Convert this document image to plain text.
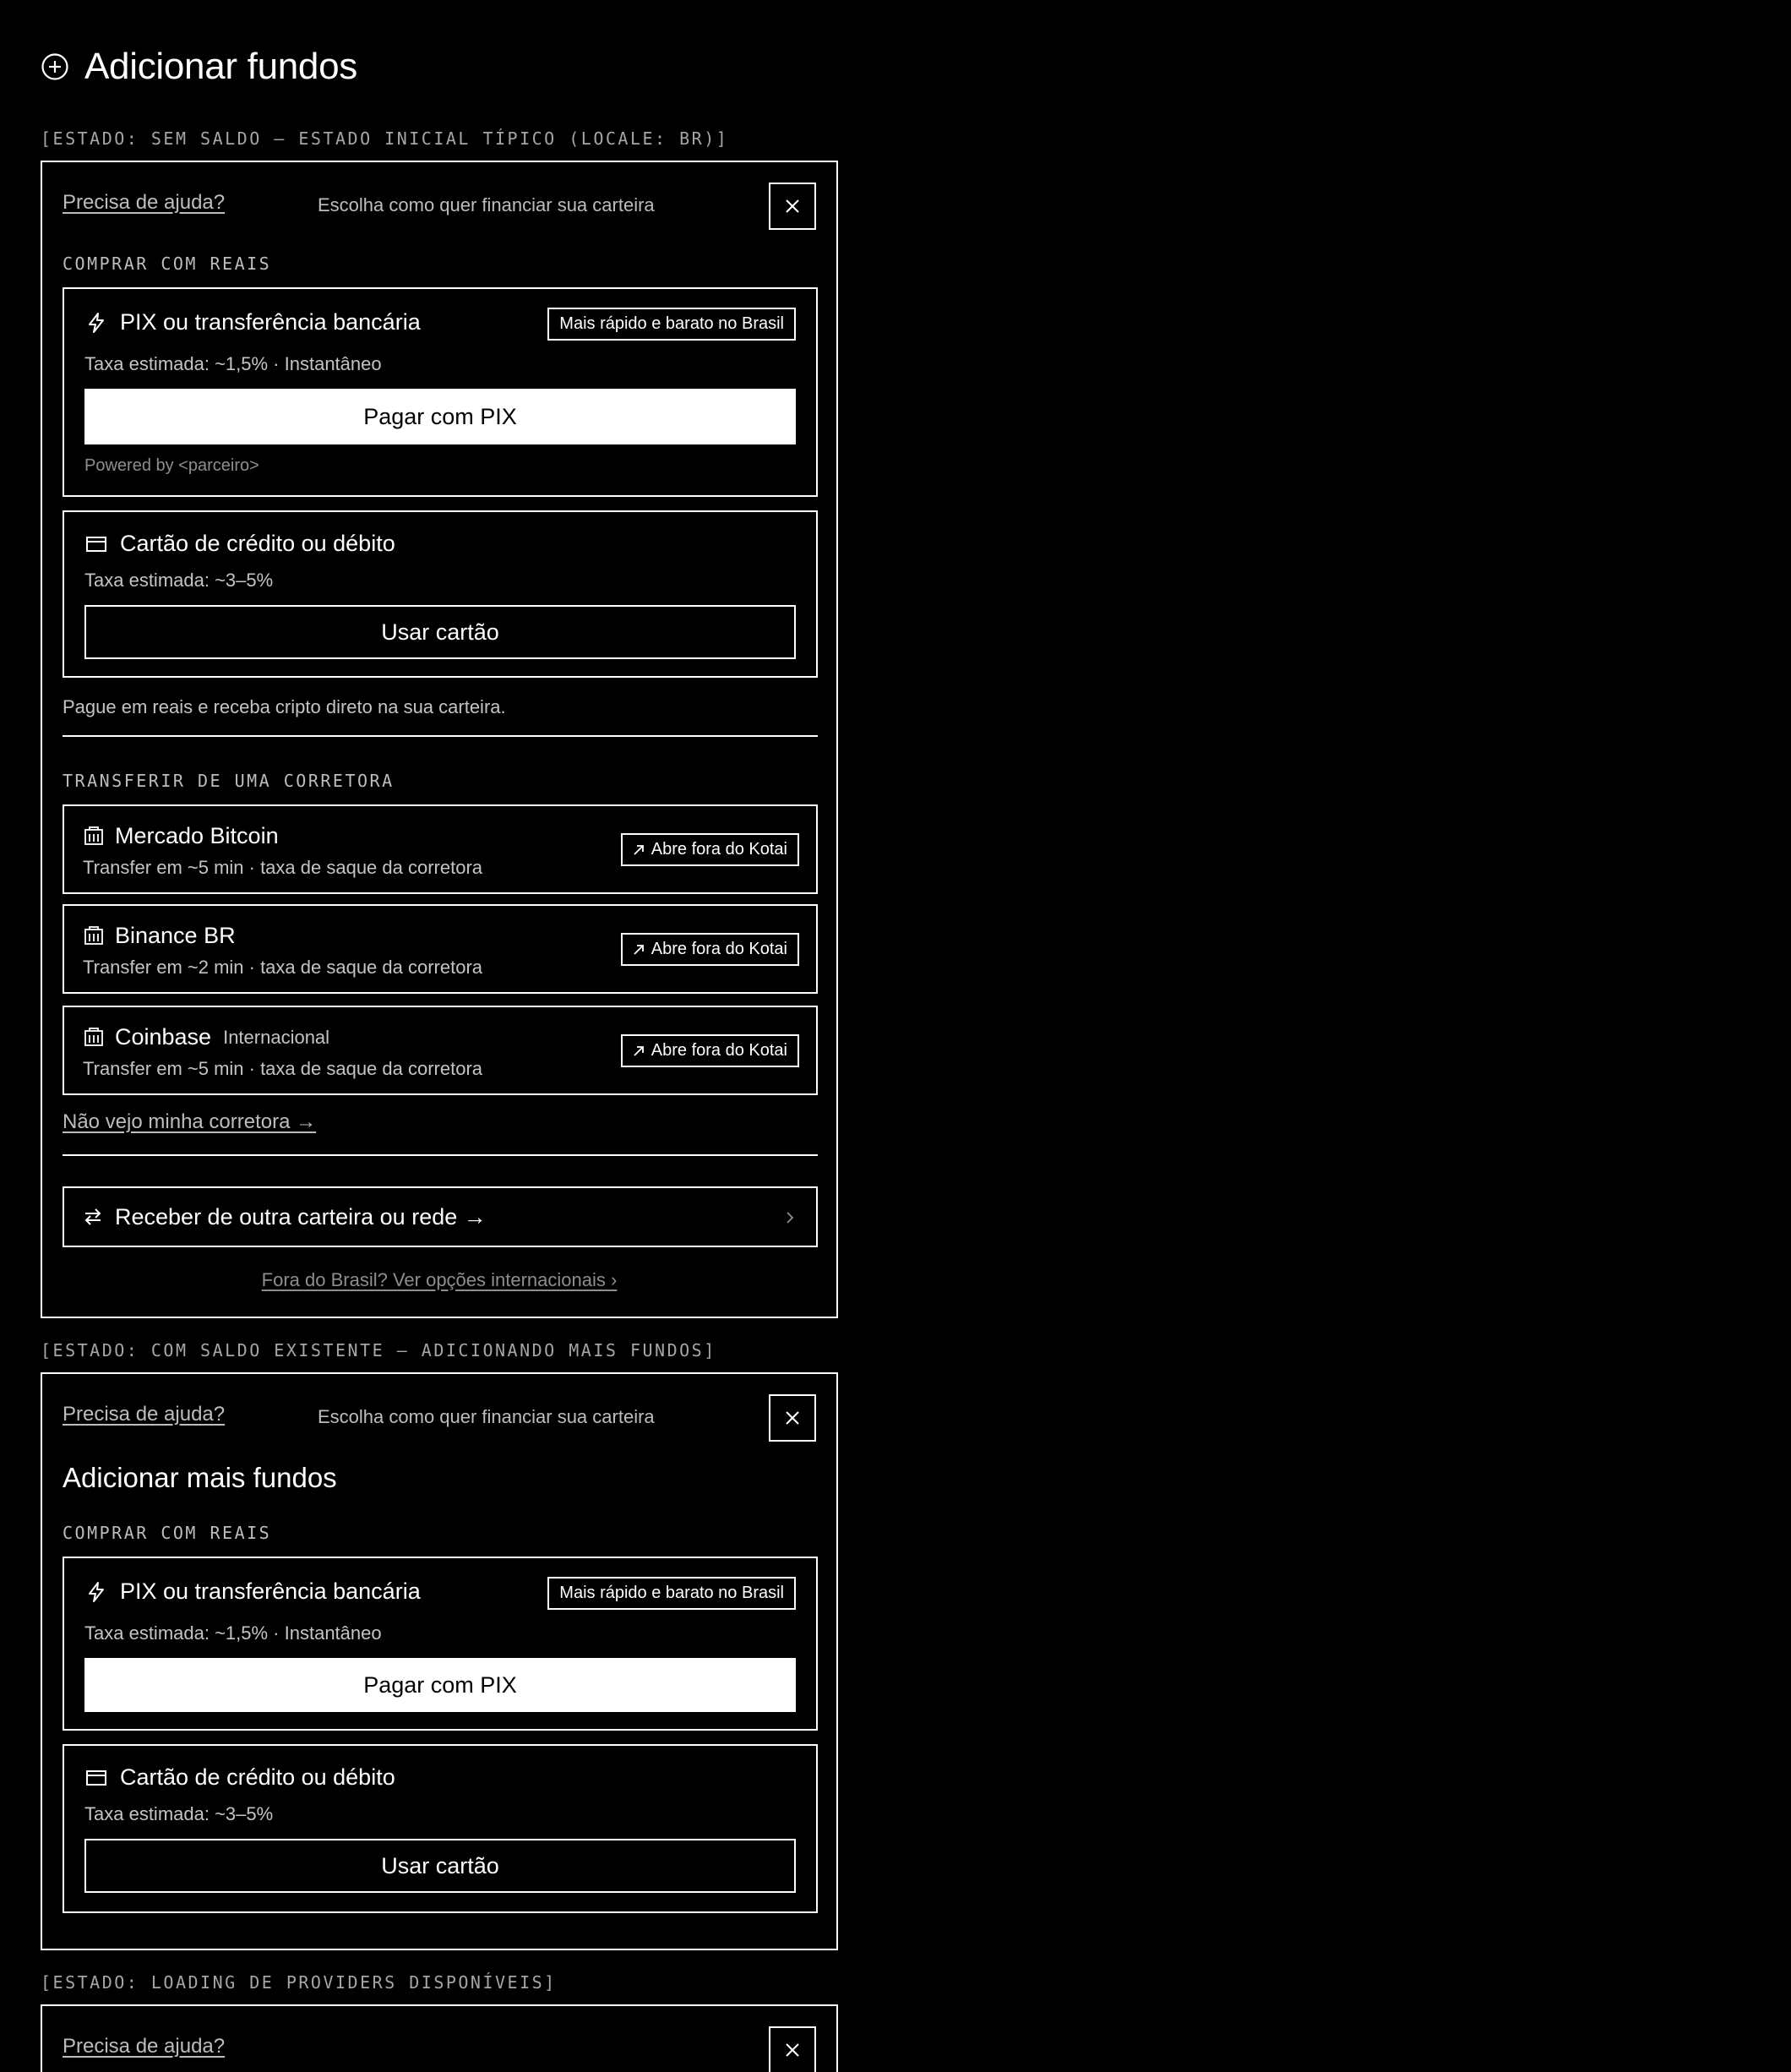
Adicionar fundos
[ESTADO: SEM SALDO — ESTADO INICIAL TÍPICO (LOCALE: BR)]
Precisa de ajuda?	Escolha como quer financiar sua carteira
COMPRAR COM REAIS
PIX ou transferência bancária	Mais rápido e barato no Brasil
Taxa estimada: ~1,5% · Instantâneo
Pagar com PIX
Powered by <parceiro>
Cartão de crédito ou débito
Taxa estimada: ~3–5%
Usar cartão
Pague em reais e receba cripto direto na sua carteira.
TRANSFERIR DE UMA CORRETORA
Mercado Bitcoin
Transfer em ~5 min · taxa de saque da corretora
Abre fora do Kotai
Binance BR
Transfer em ~2 min · taxa de saque da corretora
Abre fora do Kotai
Coinbase Internacional
Transfer em ~5 min · taxa de saque da corretora
Abre fora do Kotai
Não vejo minha corretora →
Receber de outra carteira ou rede →
Fora do Brasil? Ver opções internacionais ›
[ESTADO: COM SALDO EXISTENTE — ADICIONANDO MAIS FUNDOS]
Precisa de ajuda?	Escolha como quer financiar sua carteira
Adicionar mais fundos
COMPRAR COM REAIS
PIX ou transferência bancária	Mais rápido e barato no Brasil
Taxa estimada: ~1,5% · Instantâneo
Pagar com PIX
Cartão de crédito ou débito
Taxa estimada: ~3–5%
Usar cartão
[ESTADO: LOADING DE PROVIDERS DISPONÍVEIS]
Precisa de ajuda?
